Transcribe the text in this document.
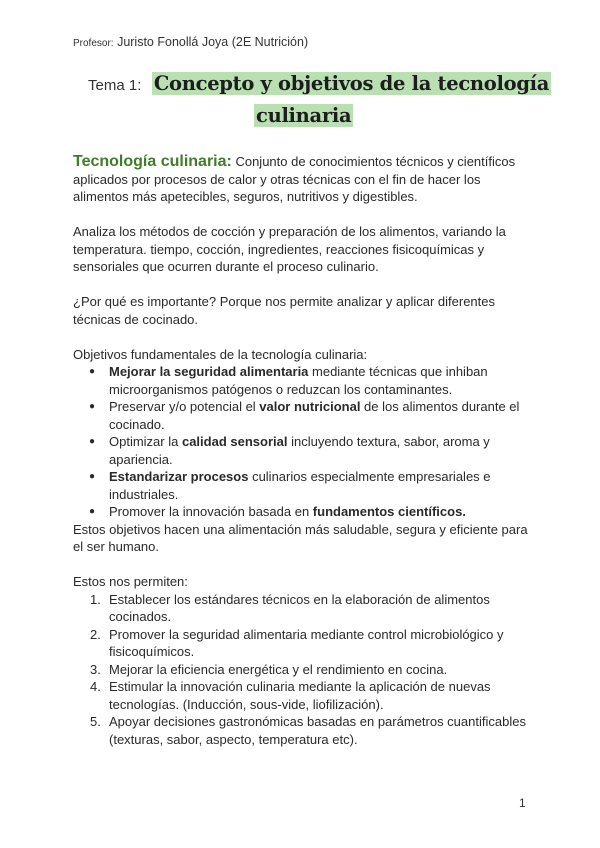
Profesor: Juristo Fonollá Joya (2E Nutrición)
Tema 1: Concepto y objetivos de la tecnología
culinaria

Tecnología culinaria: Conjunto de conocimientos técnicos y científicos aplicados por procesos de calor y otras técnicas con el fin de hacer los alimentos más apetecibles, seguros, nutritivos y digestibles.

Analiza los métodos de cocción y preparación de los alimentos, variando la temperatura. tiempo, cocción, ingredientes, reacciones fisicoquímicas y sensoriales que ocurren durante el proceso culinario.

¿Por qué es importante? Porque nos permite analizar y aplicar diferentes técnicas de cocinado.

Objetivos fundamentales de la tecnología culinaria:

● Mejorar la seguridad alimentaria mediante técnicas que inhiban microorganismos patógenos o reduzcan los contaminantes.
● Preservar y/o potencial el valor nutricional de los alimentos durante el cocinado.
● Optimizar la calidad sensorial incluyendo textura, sabor, aroma y apariencia.
● Estandarizar procesos culinarios especialmente empresariales e industriales.
● Promover la innovación basada en fundamentos científicos.

Estos objetivos hacen una alimentación más saludable, segura y eficiente para el ser humano.

Estos nos permiten:

1. Establecer los estándares técnicos en la elaboración de alimentos cocinados.
2. Promover la seguridad alimentaria mediante control microbiológico y fisicoquímicos.
3. Mejorar la eficiencia energética y el rendimiento en cocina.
4. Estimular la innovación culinaria mediante la aplicación de nuevas tecnologías. (Inducción, sous-vide, liofilización).
5. Apoyar decisiones gastronómicas basadas en parámetros cuantificables (texturas, sabor, aspecto, temperatura etc).
1
